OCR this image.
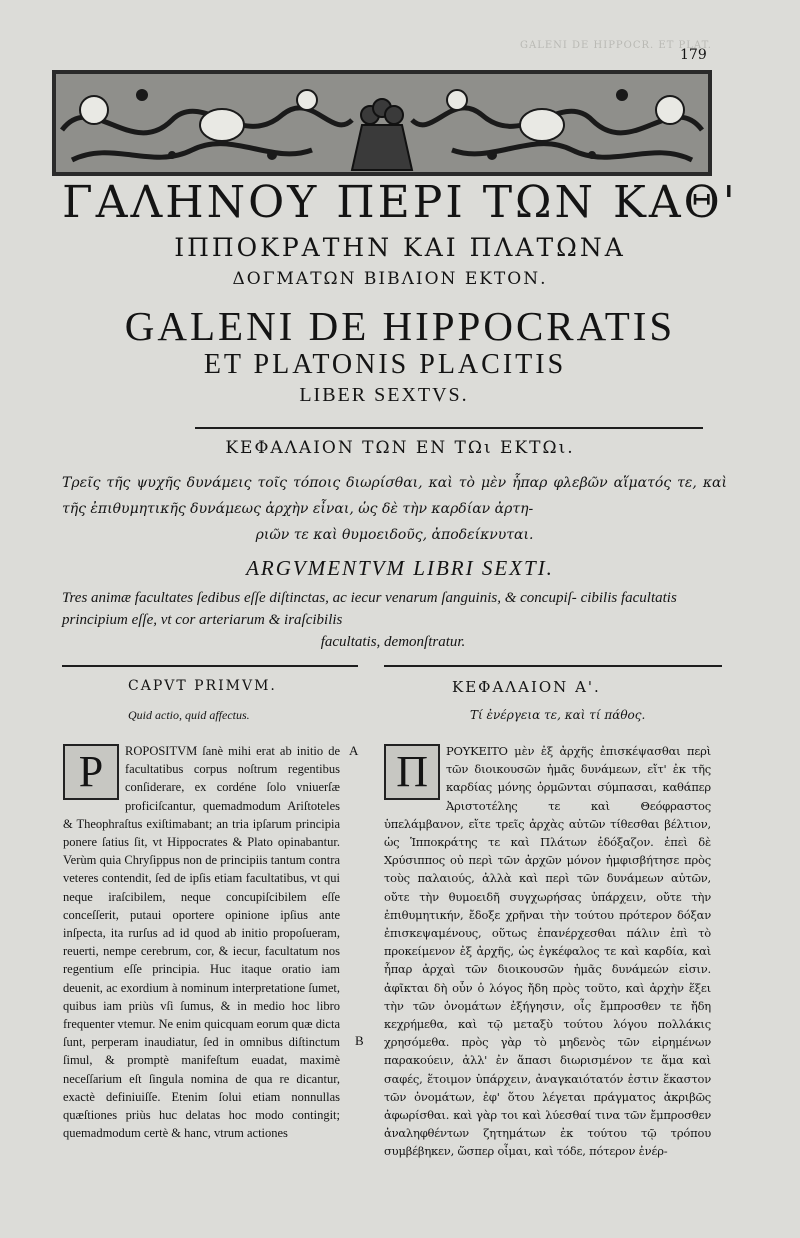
GALENI DE HIPPOCR. ET PLAT.
179
ΓΑΛΗΝΟΥ ΠΕΡΙ ΤΩΝ ΚΑΘ'
ΙΠΠΟΚΡΑΤΗΝ ΚΑΙ ΠΛΑΤΩΝΑ
ΔΟΓΜΑΤΩΝ ΒΙΒΛΙΟΝ ΕΚΤΟΝ.
GALENI DE HIPPOCRATIS
ET PLATONIS PLACITIS
LIBER SEXTVS.
ΚΕΦΑΛΑΙΟΝ ΤΩΝ ΕΝ ΤΩι ΕΚΤΩι.
Τρεῖς τῆς ψυχῆς δυνάμεις τοῖς τόποις διωρίσθαι, καὶ τὸ μὲν ἧπαρ φλεβῶν αἵματός τε, καὶ τῆς ἐπιθυμητικῆς δυνάμεως ἀρχὴν εἶναι, ὡς δὲ τὴν καρδίαν ἀρτη-
ριῶν τε καὶ θυμοειδοῦς, ἀποδείκνυται.
ARGVMENTVM LIBRI SEXTI.
Tres animæ facultates ſedibus eſſe diſtinctas, ac iecur venarum ſanguinis, & concupiſ- cibilis facultatis principium eſſe, vt cor arteriarum & iraſcibilis
facultatis, demonſtratur.
CAPVT PRIMVM.	ΚΕΦΑΛΑΙΟΝ Α'.
Quid actio, quid affectus.	Τί ἐνέργεια τε, καὶ τί πάθος.
P	ROPOSITVM ſanè mihi erat ab initio de facultatibus corpus noſtrum regentibus conſiderare, ex cordéne ſolo vniuerſæ proficiſcantur, quemadmodum Ariſtoteles & Theophraſtus exiſtimabant; an tria ipſarum principia ponere ſatius ſit, vt Hippocrates & Plato opinabantur. Verùm quia Chryſippus non de principiis tantum contra veteres contendit, ſed de ipſis etiam facultatibus, vt qui neque iraſcibilem, neque concupiſcibilem eſſe conceſſerit, putaui oportere opinione ipſius ante inſpecta, ita rurſus ad id quod ab initio propoſueram, reuerti, nempe cerebrum, cor, & iecur, facultatum nos regentium eſſe principia. Huc itaque oratio iam deuenit, ac exordium à nominum interpretatione ſumet, quibus iam priùs vſi ſumus, & in medio hoc libro frequenter vtemur. Ne enim quicquam eorum quæ dicta ſunt, perperam inaudiatur, ſed in omnibus diſtinctum ſimul, & promptè manifeſtum euadat, maximè neceſſarium eſt ſingula nomina de qua re dicantur, exactè definiuiſſe. Etenim ſolui etiam nonnullas quæſtiones priùs huc delatas hoc modo contingit; quemadmodum certè & hanc, vtrum actiones
Π	ΡΟΥΚΕΙΤΟ μὲν ἐξ ἀρχῆς ἐπισκέψασθαι περὶ τῶν διοικουσῶν ἡμᾶς δυνάμεων, εἴτ' ἐκ τῆς καρδίας μόνης ὁρμῶνται σύμπασαι, καθάπερ Ἀριστοτέλης τε καὶ Θεόφραστος ὑπελάμβανον, εἴτε τρεῖς ἀρχὰς αὐτῶν τίθεσθαι βέλτιον, ὡς Ἱπποκράτης τε καὶ Πλάτων ἐδόξαζον. ἐπεὶ δὲ Χρύσιππος οὐ περὶ τῶν ἀρχῶν μόνον ἠμφισβήτησε πρὸς τοὺς παλαιούς, ἀλλὰ καὶ περὶ τῶν δυνάμεων αὐτῶν, οὔτε τὴν θυμοειδῆ συγχωρήσας ὑπάρχειν, οὔτε τὴν ἐπιθυμητικήν, ἔδοξε χρῆναι τὴν τούτου πρότερον δόξαν ἐπισκεψαμένους, οὕτως ἐπανέρχεσθαι πάλιν ἐπὶ τὸ προκείμενον ἐξ ἀρχῆς, ὡς ἐγκέφαλος τε καὶ καρδία, καὶ ἧπαρ ἀρχαὶ τῶν διοικουσῶν ἡμᾶς δυνάμεών εἰσιν. ἀφῖκται δὴ οὖν ὁ λόγος ἤδη πρὸς τοῦτο, καὶ ἀρχὴν ἕξει τὴν τῶν ὀνομάτων ἐξήγησιν, οἷς ἔμπροσθεν τε ἤδη κεχρήμεθα, καὶ τῷ μεταξὺ τούτου λόγου πολλάκις χρησόμεθα. πρὸς γὰρ τὸ μηδενὸς τῶν εἰρημένων παρακούειν, ἀλλ' ἐν ἅπασι διωρισμένον τε ἅμα καὶ σαφές, ἕτοιμον ὑπάρχειν, ἀναγκαιότατόν ἐστιν ἕκαστον τῶν ὀνομάτων, ἐφ' ὅτου λέγεται πράγματος ἀκριβῶς ἀφωρίσθαι. καὶ γὰρ τοι καὶ λύεσθαί τινα τῶν ἔμπροσθεν ἀναληφθέντων ζητημάτων ἐκ τούτου τῷ τρόπου συμβέβηκεν, ὥσπερ οἶμαι, καὶ τόδε, πότερον ἐνέρ-
A
B
